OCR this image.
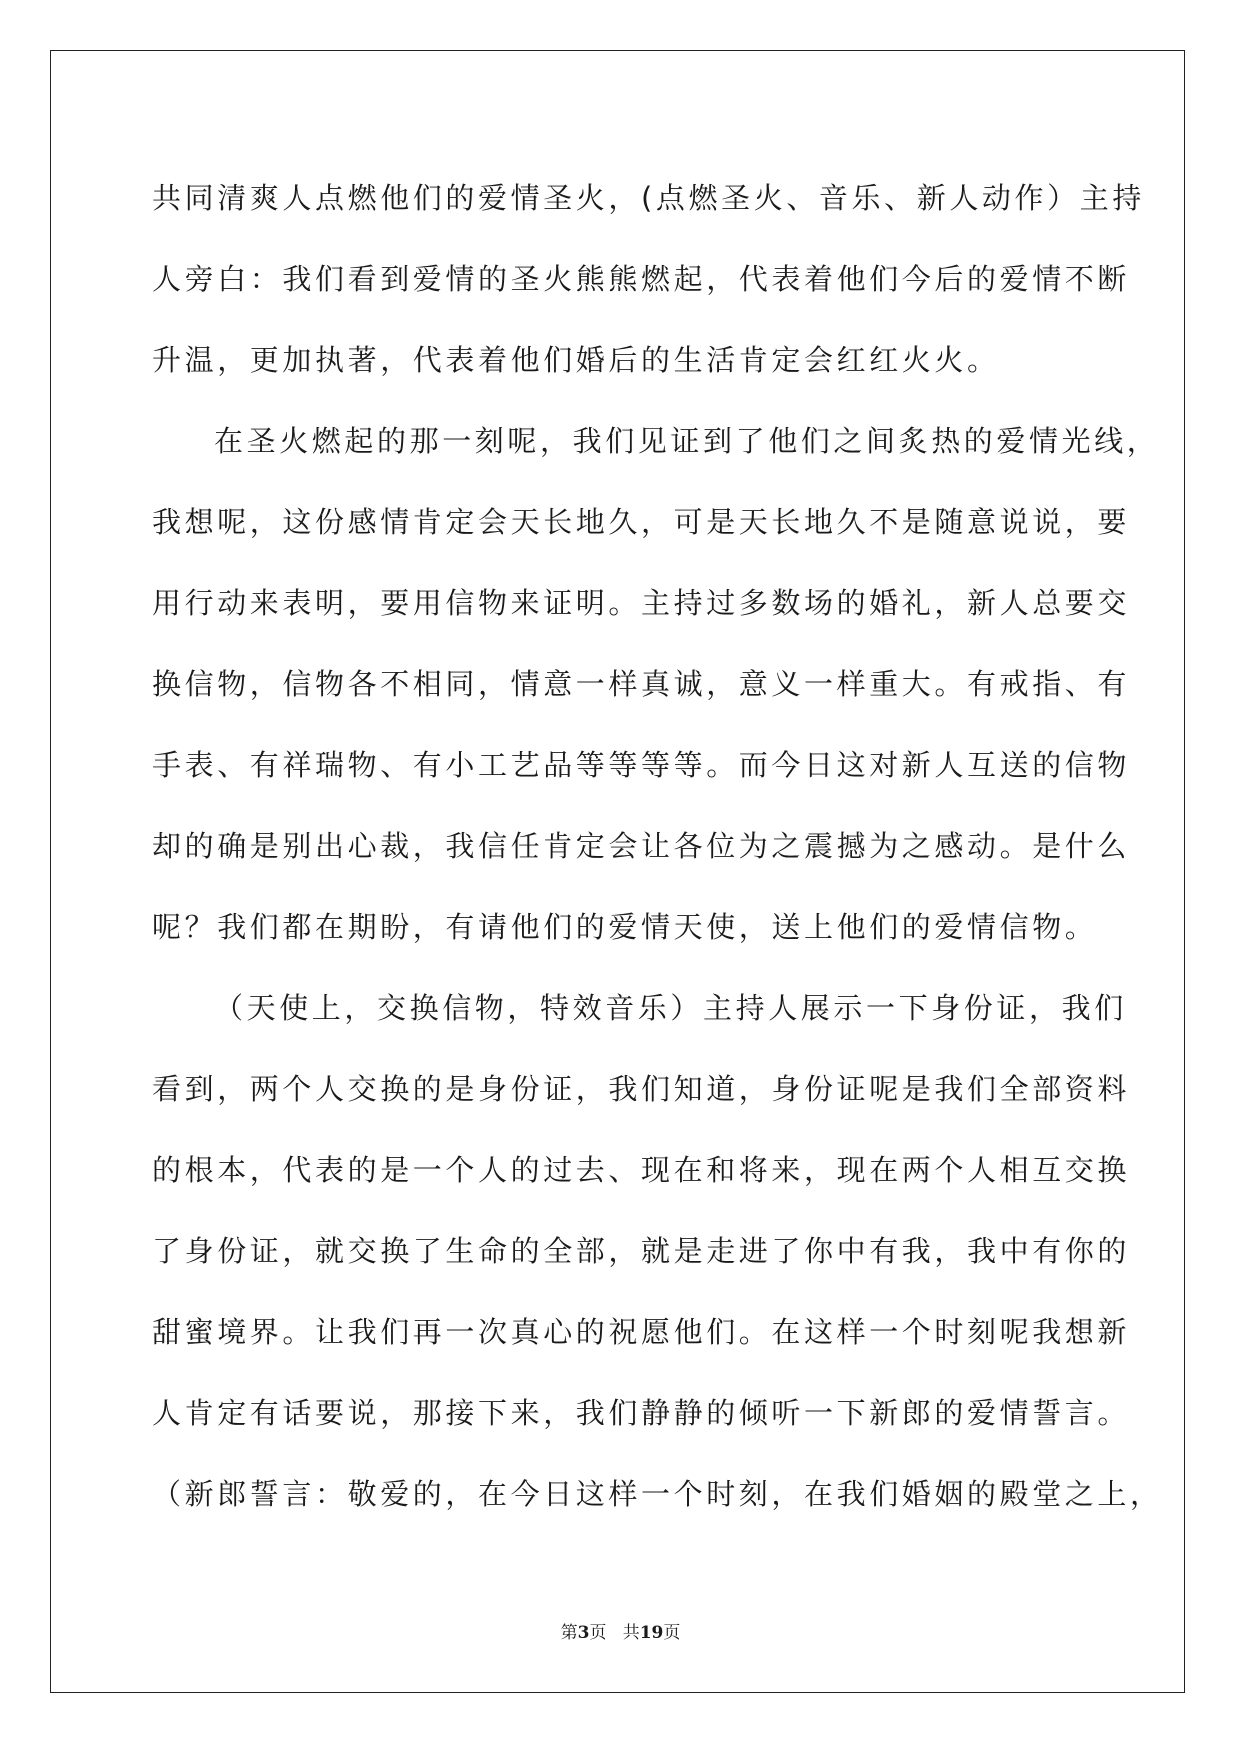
共同清爽人点燃他们的爱情圣火，(点燃圣火、音乐、新人动作）主持
人旁白：我们看到爱情的圣火熊熊燃起，代表着他们今后的爱情不断
升温，更加执著，代表着他们婚后的生活肯定会红红火火。
在圣火燃起的那一刻呢，我们见证到了他们之间炙热的爱情光线，
我想呢，这份感情肯定会天长地久，可是天长地久不是随意说说，要
用行动来表明，要用信物来证明。主持过多数场的婚礼，新人总要交
换信物，信物各不相同，情意一样真诚，意义一样重大。有戒指、有
手表、有祥瑞物、有小工艺品等等等等。而今日这对新人互送的信物
却的确是别出心裁，我信任肯定会让各位为之震撼为之感动。是什么
呢？我们都在期盼，有请他们的爱情天使，送上他们的爱情信物。
（天使上，交换信物，特效音乐）主持人展示一下身份证，我们
看到，两个人交换的是身份证，我们知道，身份证呢是我们全部资料
的根本，代表的是一个人的过去、现在和将来，现在两个人相互交换
了身份证，就交换了生命的全部，就是走进了你中有我，我中有你的
甜蜜境界。让我们再一次真心的祝愿他们。在这样一个时刻呢我想新
人肯定有话要说，那接下来，我们静静的倾听一下新郎的爱情誓言。
（新郎誓言：敬爱的，在今日这样一个时刻，在我们婚姻的殿堂之上，
第3页 共19页
